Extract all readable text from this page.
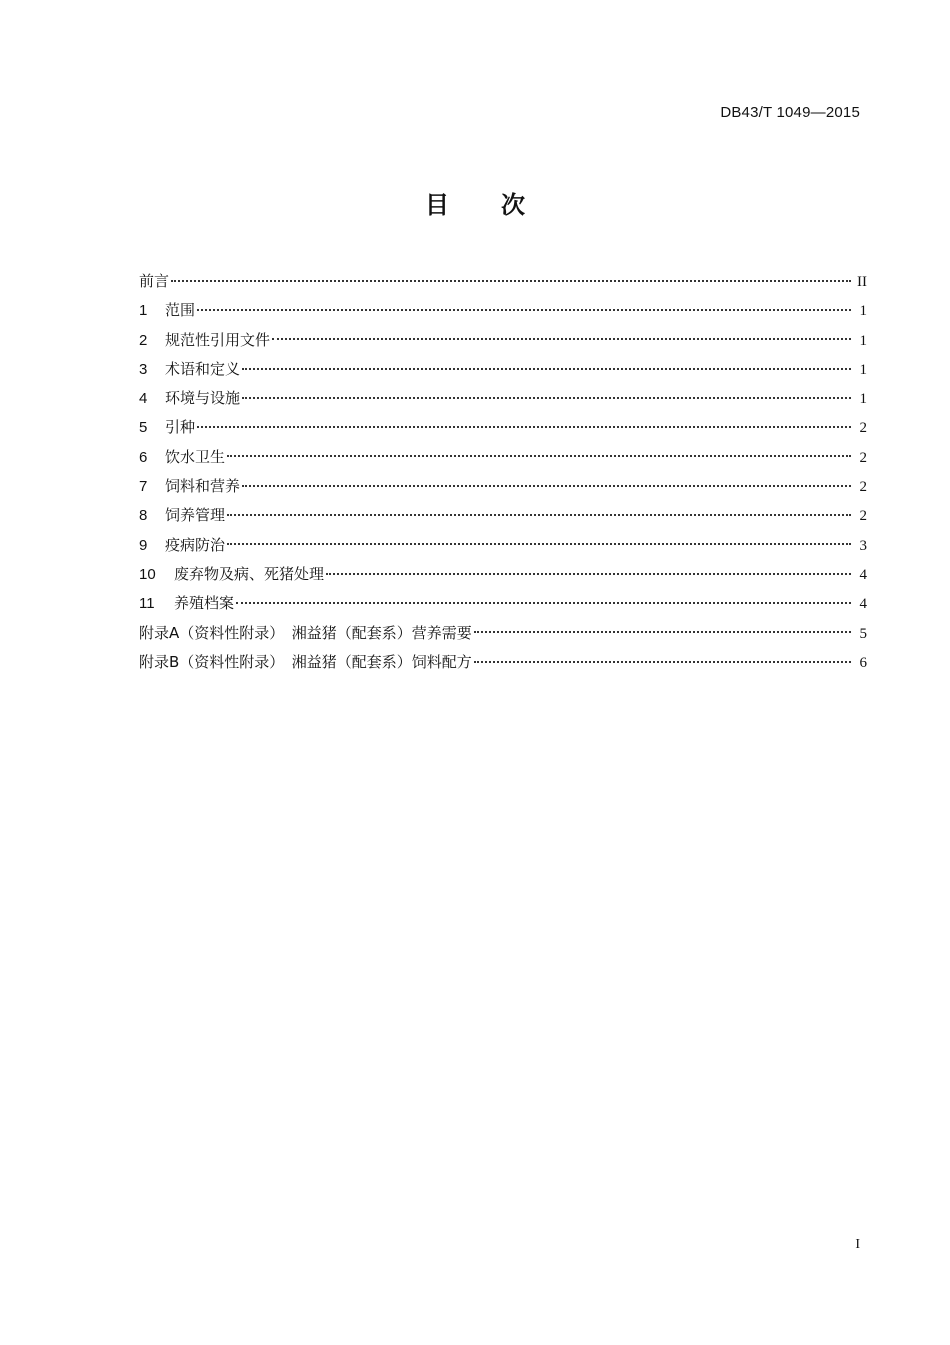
DB43/T 1049—2015
目 次
前言	II
1	范围	1
2	规范性引用文件	1
3	术语和定义	1
4	环境与设施	1
5	引种	2
6	饮水卫生	2
7	饲料和营养	2
8	饲养管理	2
9	疫病防治	3
10	废弃物及病、死猪处理	4
11	养殖档案	4
附录A（资料性附录）　湘益猪（配套系）营养需要	5
附录B（资料性附录）　湘益猪（配套系）饲料配方	6
I
